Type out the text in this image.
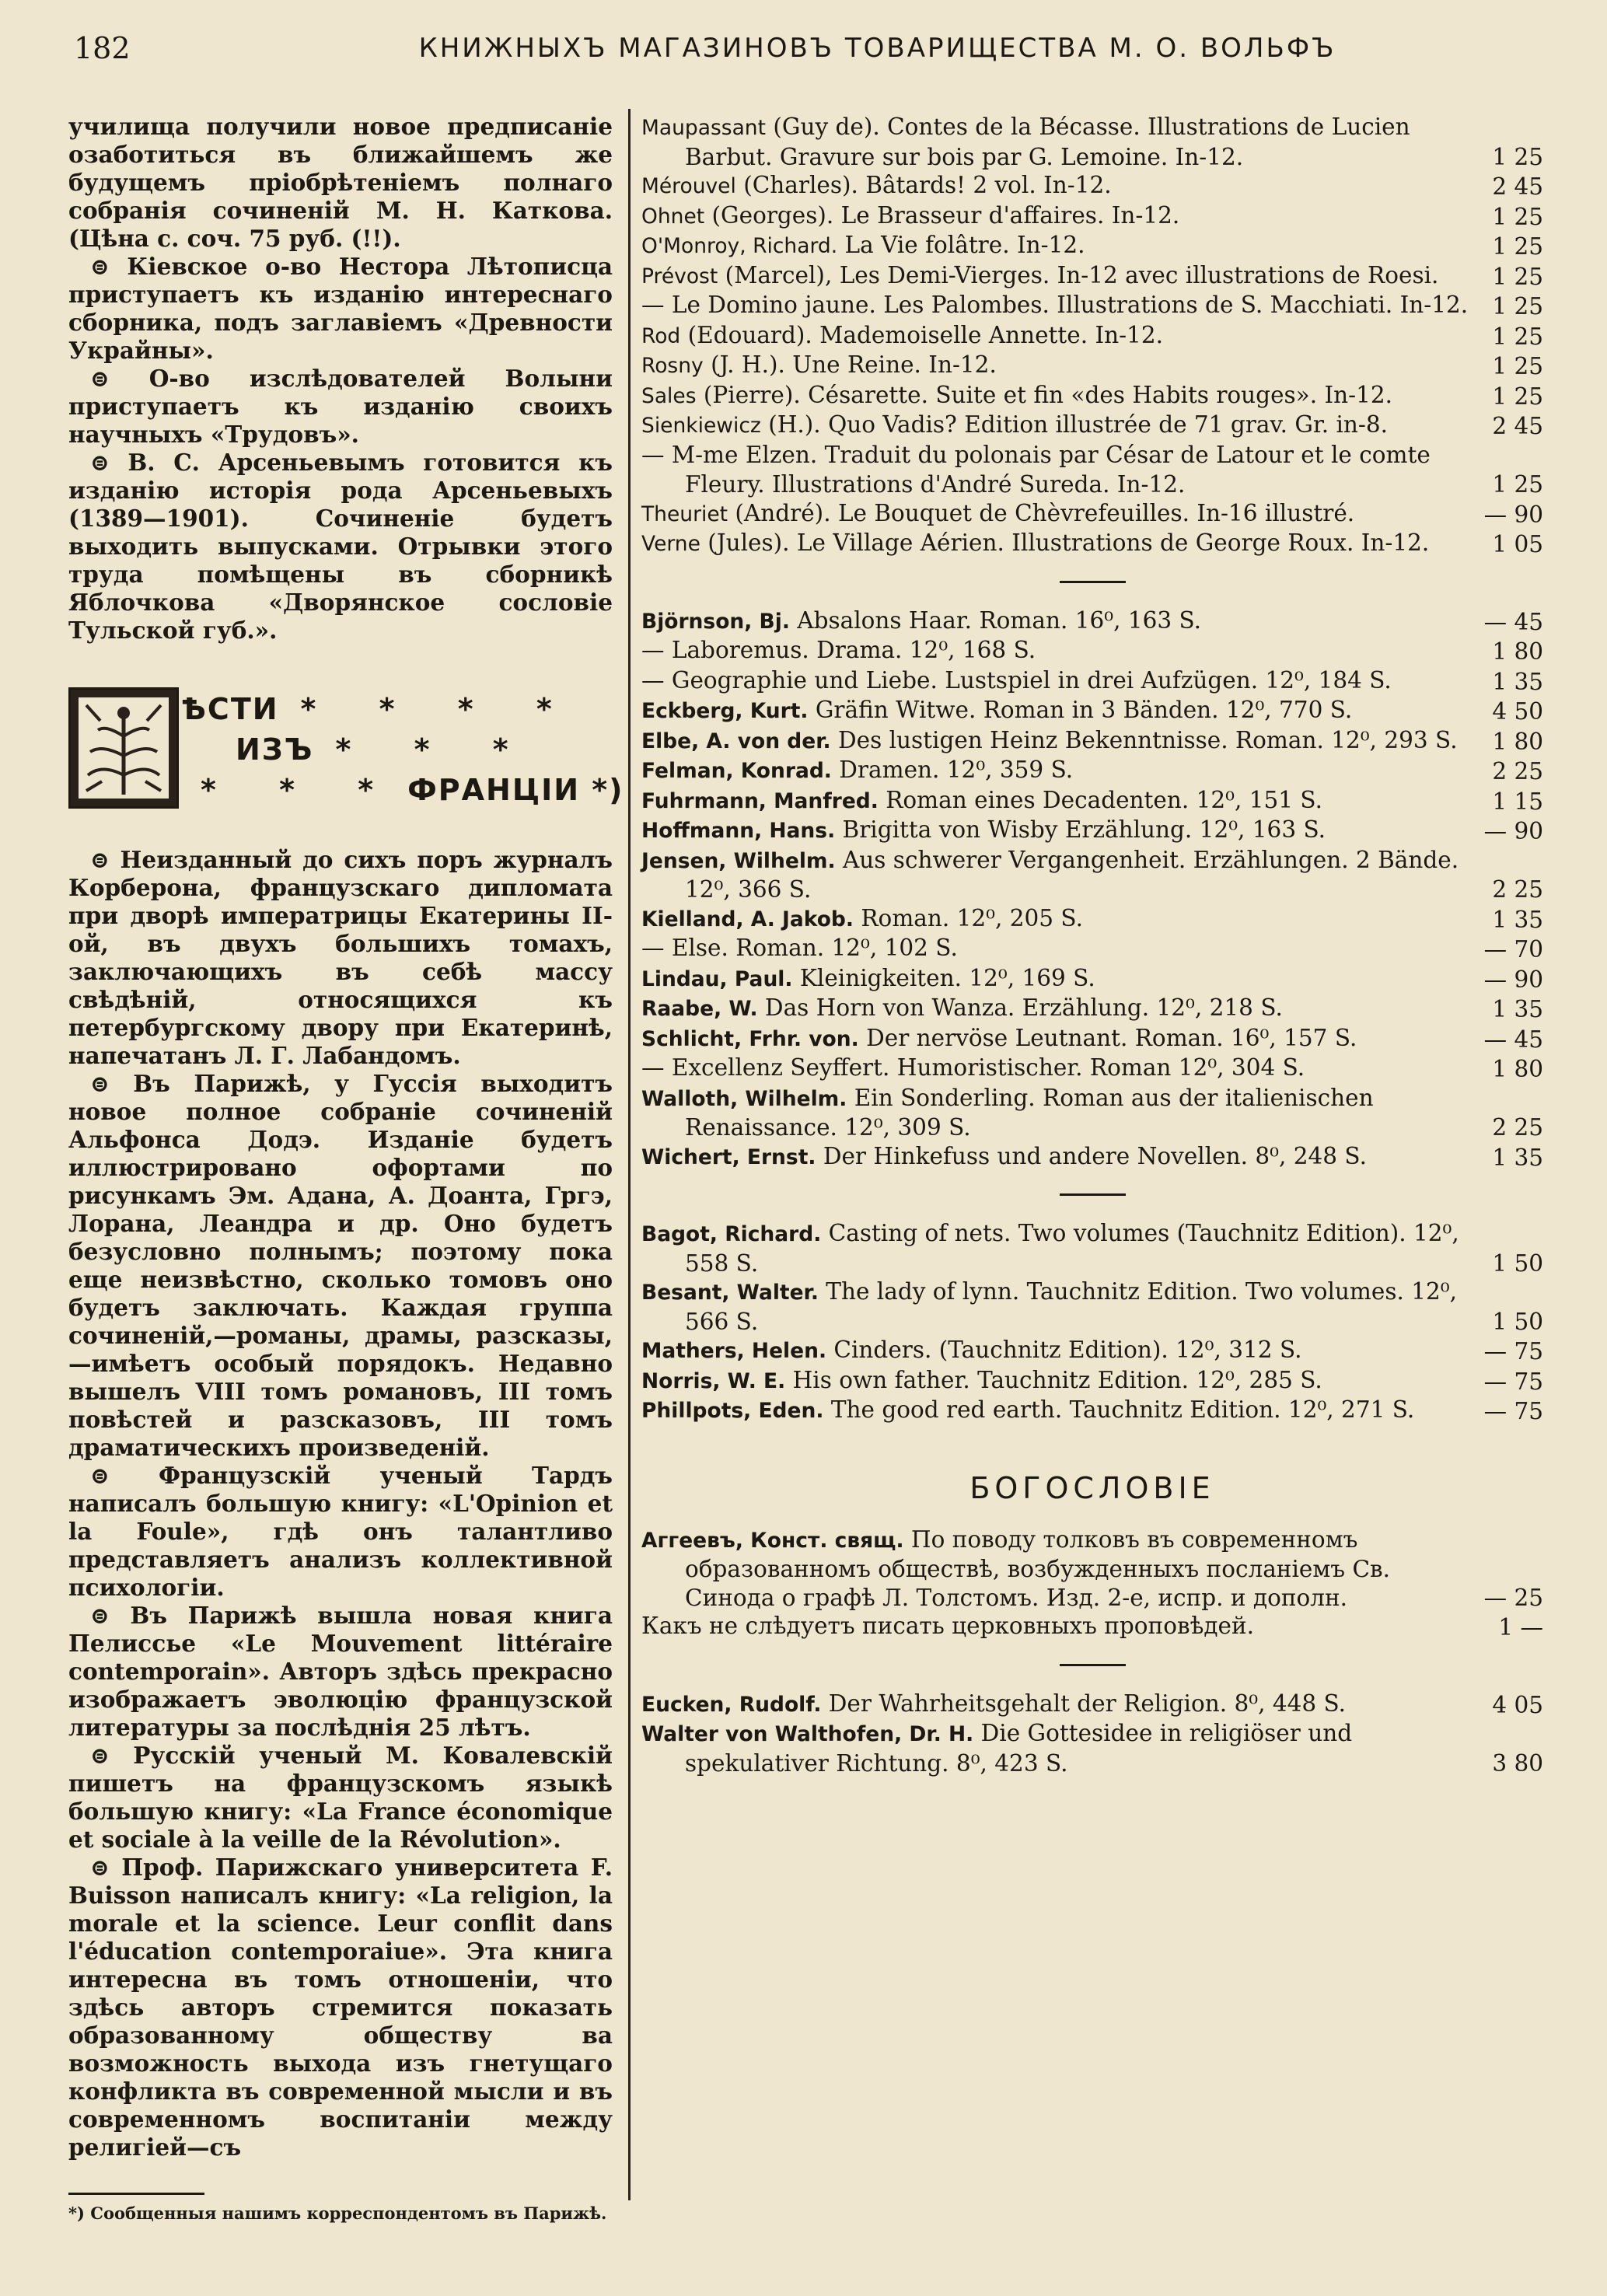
182	КНИЖНЫХЪ МАГАЗИНОВЪ ТОВАРИЩЕСТВА М. О. ВОЛЬФЪ

училища получили новое предписаніе озаботиться въ ближайшемъ же будущемъ пріобрѣтеніемъ полнаго собранія сочиненій М. Н. Каткова. (Цѣна с. соч. 75 руб. (!!).

⊜ Кіевское о-во Нестора Лѣтописца приступаетъ къ изданію интереснаго сборника, подъ заглавіемъ «Древности Украйны».

⊜ О-во изслѣдователей Волыни приступаетъ къ изданію своихъ научныхъ «Трудовъ».

⊜ В. С. Арсеньевымъ готовится къ изданію исторія рода Арсеньевыхъ (1389—1901). Сочиненіе будетъ выходить выпусками. Отрывки этого труда помѣщены въ сборникѣ Яблочкова «Дворянское сословіе Тульской губ.».

ѢСТИ * * * *
ИЗЪ * * *
* * * ФРАНЦІИ *)

⊜ Неизданный до сихъ поръ журналъ Корберона, французскаго дипломата при дворѣ императрицы Екатерины II-ой, въ двухъ большихъ томахъ, заключающихъ въ себѣ массу свѣдѣній, относящихся къ петербургскому двору при Екатеринѣ, напечатанъ Л. Г. Лабандомъ.

⊜ Въ Парижѣ, у Гуссія выходитъ новое полное собраніе сочиненій Альфонса Додэ. Изданіе будетъ иллюстрировано офортами по рисункамъ Эм. Адана, А. Доанта, Гргэ, Лорана, Леандра и др. Оно будетъ безусловно полнымъ; поэтому пока еще неизвѣстно, сколько томовъ оно будетъ заключать. Каждая группа сочиненій,—романы, драмы, разсказы,—имѣетъ особый порядокъ. Недавно вышелъ VIII томъ романовъ, III томъ повѣстей и разсказовъ, III томъ драматическихъ произведеній.

⊜ Французскій ученый Тардъ написалъ большую книгу: «L'Opinion et la Foule», гдѣ онъ талантливо представляетъ анализъ коллективной психологіи.

⊜ Въ Парижѣ вышла новая книга Пелиссье «Le Mouvement littéraire contemporain». Авторъ здѣсь прекрасно изображаетъ эволюцію французской литературы за послѣднія 25 лѣтъ.

⊜ Русскій ученый М. Ковалевскій пишетъ на французскомъ языкѣ большую книгу: «La France économique et sociale à la veille de la Révolution».

⊜ Проф. Парижскаго университета F. Buisson написалъ книгу: «La religion, la morale et la science. Leur conflit dans l'éducation contemporaiue». Эта книга интересна въ томъ отношеніи, что здѣсь авторъ стремится показать образованному обществу ва возможность выхода изъ гнетущаго конфликта въ современной мысли и въ современномъ воспитаніи между религіей—съ

*) Сообщенныя нашимъ корреспондентомъ въ Парижѣ.

Maupassant (Guy de). Contes de la Bécasse. Illustrations de Lucien Barbut. Gravure sur bois par G. Lemoine. In-12.	1 25

Mérouvel (Charles). Bâtards! 2 vol. In-12.	2 45

Ohnet (Georges). Le Brasseur d'affaires. In-12.	1 25

O'Monroy, Richard. La Vie folâtre. In-12.	1 25

Prévost (Marcel), Les Demi-Vierges. In-12 avec illustrations de Roesi.	1 25

— Le Domino jaune. Les Palombes. Illustrations de S. Macchiati. In-12.	1 25

Rod (Edouard). Mademoiselle Annette. In-12.	1 25

Rosny (J. H.). Une Reine. In-12.	1 25

Sales (Pierre). Césarette. Suite et fin «des Habits rouges». In-12.	1 25

Sienkiewicz (H.). Quo Vadis? Edition illustrée de 71 grav. Gr. in-8.	2 45

— M-me Elzen. Traduit du polonais par César de Latour et le comte Fleury. Illustrations d'André Sureda. In-12.	1 25

Theuriet (André). Le Bouquet de Chèvrefeuilles. In-16 illustré.	— 90

Verne (Jules). Le Village Aérien. Illustrations de George Roux. In-12.	1 05

Björnson, Bj. Absalons Haar. Roman. 16⁰, 163 S.	— 45

— Laboremus. Drama. 12⁰, 168 S.	1 80

— Geographie und Liebe. Lustspiel in drei Aufzügen. 12⁰, 184 S.	1 35

Eckberg, Kurt. Gräfin Witwe. Roman in 3 Bänden. 12⁰, 770 S.	4 50

Elbe, A. von der. Des lustigen Heinz Bekenntnisse. Roman. 12⁰, 293 S.	1 80

Felman, Konrad. Dramen. 12⁰, 359 S.	2 25

Fuhrmann, Manfred. Roman eines Decadenten. 12⁰, 151 S.	1 15

Hoffmann, Hans. Brigitta von Wisby Erzählung. 12⁰, 163 S.	— 90

Jensen, Wilhelm. Aus schwerer Vergangenheit. Erzählungen. 2 Bände. 12⁰, 366 S.	2 25

Kielland, A. Jakob. Roman. 12⁰, 205 S.	1 35

— Else. Roman. 12⁰, 102 S.	— 70

Lindau, Paul. Kleinigkeiten. 12⁰, 169 S.	— 90

Raabe, W. Das Horn von Wanza. Erzählung. 12⁰, 218 S.	1 35

Schlicht, Frhr. von. Der nervöse Leutnant. Roman. 16⁰, 157 S.	— 45

— Excellenz Seyffert. Humoristischer. Roman 12⁰, 304 S.	1 80

Walloth, Wilhelm. Ein Sonderling. Roman aus der italienischen Renaissance. 12⁰, 309 S.	2 25

Wichert, Ernst. Der Hinkefuss und andere Novellen. 8⁰, 248 S.	1 35

Bagot, Richard. Casting of nets. Two volumes (Tauchnitz Edition). 12⁰, 558 S.	1 50

Besant, Walter. The lady of lynn. Tauchnitz Edition. Two volumes. 12⁰, 566 S.	1 50

Mathers, Helen. Cinders. (Tauchnitz Edition). 12⁰, 312 S.	— 75

Norris, W. E. His own father. Tauchnitz Edition. 12⁰, 285 S.	— 75

Phillpots, Eden. The good red earth. Tauchnitz Edition. 12⁰, 271 S.	— 75

БОГОСЛОВІЕ

Аггеевъ, Конст. свящ. По поводу толковъ въ современномъ образованномъ обществѣ, возбужденныхъ посланіемъ Св. Синода о графѣ Л. Толстомъ. Изд. 2-е, испр. и дополн.	— 25

Какъ не слѣдуетъ писать церковныхъ проповѣдей.	1 —

Eucken, Rudolf. Der Wahrheitsgehalt der Religion. 8⁰, 448 S.	4 05

Walter von Walthofen, Dr. H. Die Gottesidee in religiöser und spekulativer Richtung. 8⁰, 423 S.	3 80
